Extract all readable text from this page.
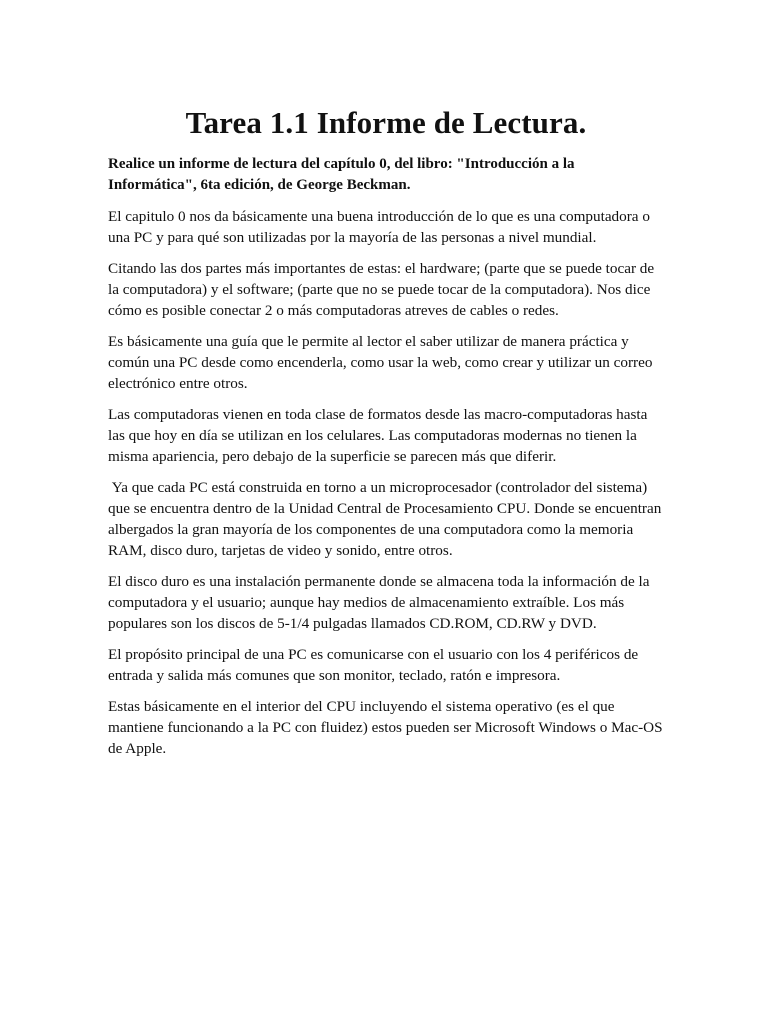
Tarea 1.1 Informe de Lectura.

Realice un informe de lectura del capítulo 0, del libro: "Introducción a la Informática", 6ta edición, de George Beckman.

El capitulo 0 nos da básicamente una buena introducción de lo que es una computadora o una PC y para qué son utilizadas por la mayoría de las personas a nivel mundial.

Citando las dos partes más importantes de estas: el hardware; (parte que se puede tocar de la computadora) y el software; (parte que no se puede tocar de la computadora). Nos dice cómo es posible conectar 2 o más computadoras atreves de cables o redes.

Es básicamente una guía que le permite al lector el saber utilizar de manera práctica y común una PC desde como encenderla, como usar la web, como crear y utilizar un correo electrónico entre otros.

Las computadoras vienen en toda clase de formatos desde las macro-computadoras hasta las que hoy en día se utilizan en los celulares. Las computadoras modernas no tienen la misma apariencia, pero debajo de la superficie se parecen más que diferir.

Ya que cada PC está construida en torno a un microprocesador (controlador del sistema) que se encuentra dentro de la Unidad Central de Procesamiento CPU. Donde se encuentran albergados la gran mayoría de los componentes de una computadora como la memoria RAM, disco duro, tarjetas de video y sonido, entre otros.

El disco duro es una instalación permanente donde se almacena toda la información de la computadora y el usuario; aunque hay medios de almacenamiento extraíble. Los más populares son los discos de 5-1/4 pulgadas llamados CD.ROM, CD.RW y DVD.

El propósito principal de una PC es comunicarse con el usuario con los 4 periféricos de entrada y salida más comunes que son monitor, teclado, ratón e impresora.

Estas básicamente en el interior del CPU incluyendo el sistema operativo (es el que mantiene funcionando a la PC con fluidez) estos pueden ser Microsoft Windows o Mac-OS de Apple.
